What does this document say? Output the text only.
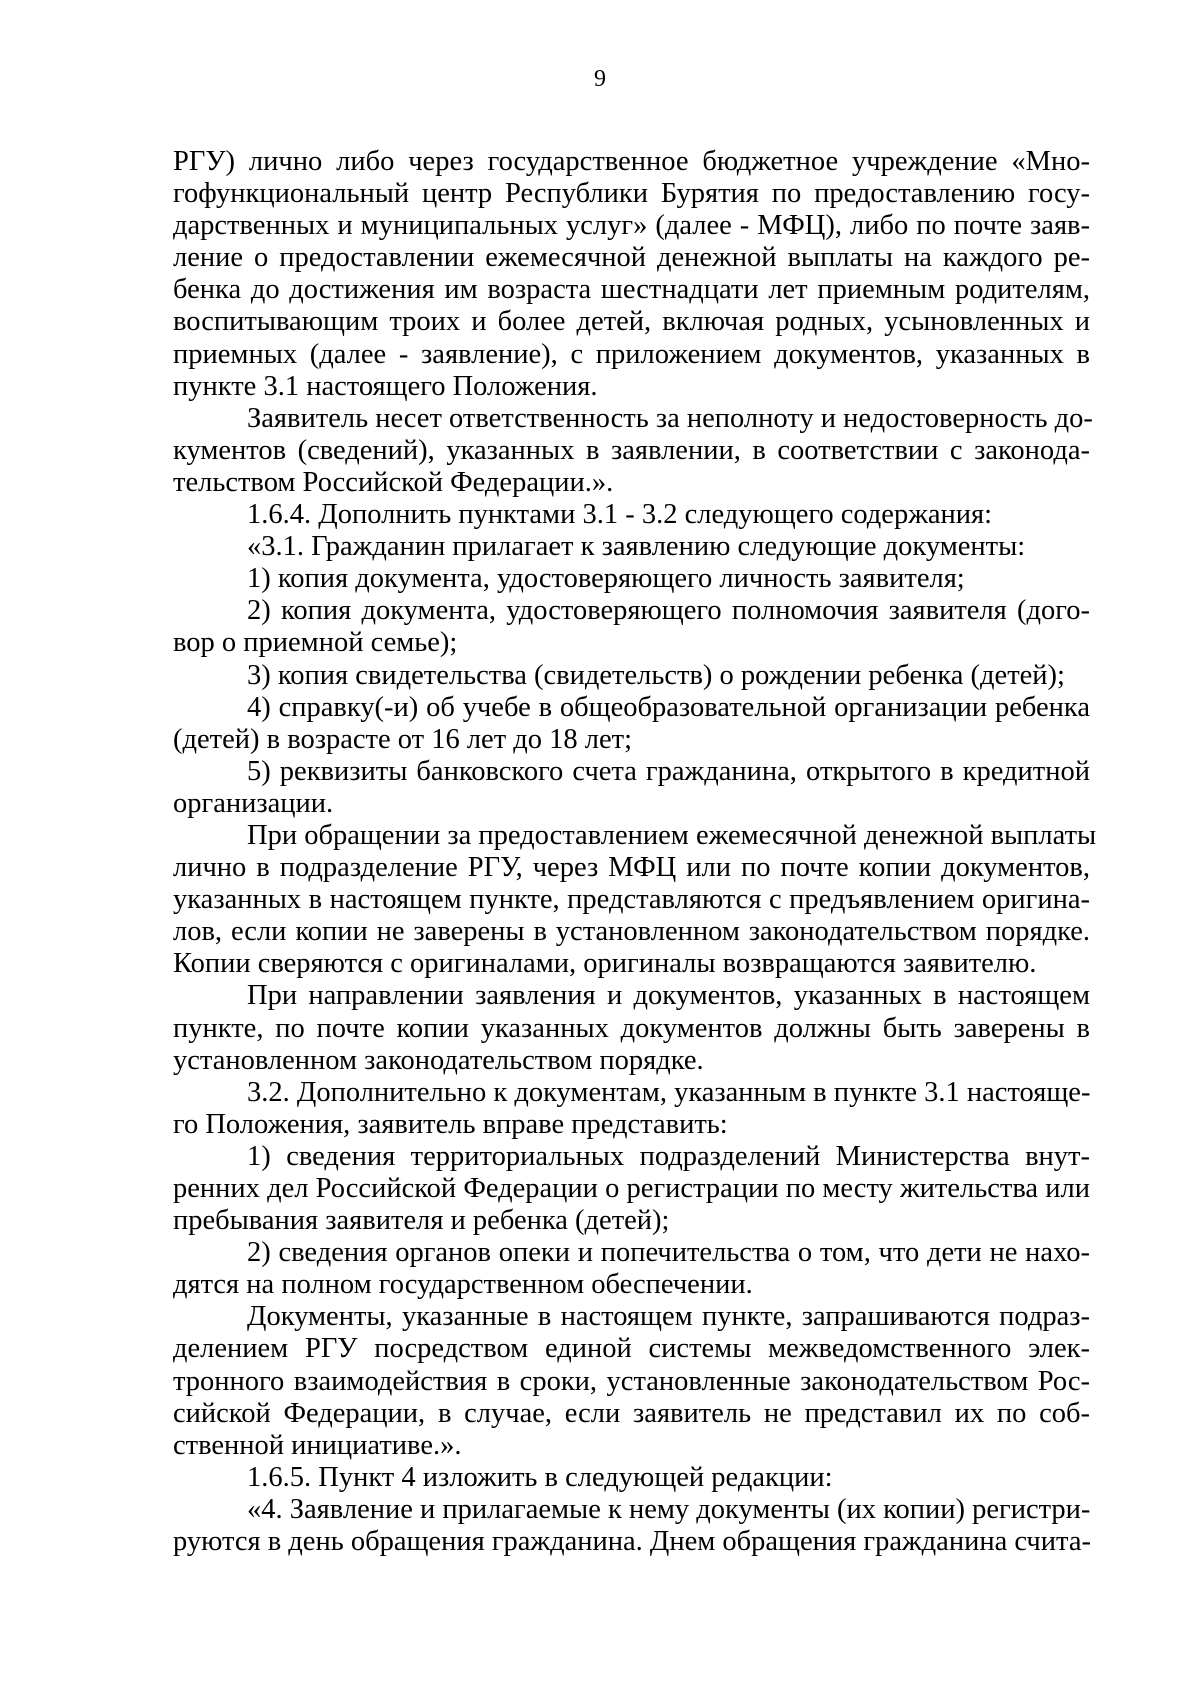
9

РГУ) лично либо через государственное бюджетное учреждение «Мно-
гофункциональный центр Республики Бурятия по предоставлению госу-
дарственных и муниципальных услуг» (далее - МФЦ), либо по почте заяв-
ление о предоставлении ежемесячной денежной выплаты на каждого ре-
бенка до достижения им возраста шестнадцати лет приемным родителям,
воспитывающим троих и более детей, включая родных, усыновленных и
приемных (далее - заявление), с приложением документов, указанных в
пункте 3.1 настоящего Положения.

Заявитель несет ответственность за неполноту и недостоверность до-
кументов (сведений), указанных в заявлении, в соответствии с законода-
тельством Российской Федерации.».

1.6.4. Дополнить пунктами 3.1 - 3.2 следующего содержания:

«3.1. Гражданин прилагает к заявлению следующие документы:

1) копия документа, удостоверяющего личность заявителя;

2) копия документа, удостоверяющего полномочия заявителя (дого-
вор о приемной семье);

3) копия свидетельства (свидетельств) о рождении ребенка (детей);

4) справку(-и) об учебе в общеобразовательной организации ребенка
(детей) в возрасте от 16 лет до 18 лет;

5) реквизиты банковского счета гражданина, открытого в кредитной
организации.

При обращении за предоставлением ежемесячной денежной выплаты
лично в подразделение РГУ, через МФЦ или по почте копии документов,
указанных в настоящем пункте, представляются с предъявлением оригина-
лов, если копии не заверены в установленном законодательством порядке.
Копии сверяются с оригиналами, оригиналы возвращаются заявителю.

При направлении заявления и документов, указанных в настоящем
пункте, по почте копии указанных документов должны быть заверены в
установленном законодательством порядке.

3.2. Дополнительно к документам, указанным в пункте 3.1 настояще-
го Положения, заявитель вправе представить:

1) сведения территориальных подразделений Министерства внут-
ренних дел Российской Федерации о регистрации по месту жительства или
пребывания заявителя и ребенка (детей);

2) сведения органов опеки и попечительства о том, что дети не нахо-
дятся на полном государственном обеспечении.

Документы, указанные в настоящем пункте, запрашиваются подраз-
делением РГУ посредством единой системы межведомственного элек-
тронного взаимодействия в сроки, установленные законодательством Рос-
сийской Федерации, в случае, если заявитель не представил их по соб-
ственной инициативе.».

1.6.5. Пункт 4 изложить в следующей редакции:

«4. Заявление и прилагаемые к нему документы (их копии) регистри-
руются в день обращения гражданина. Днем обращения гражданина счита-
